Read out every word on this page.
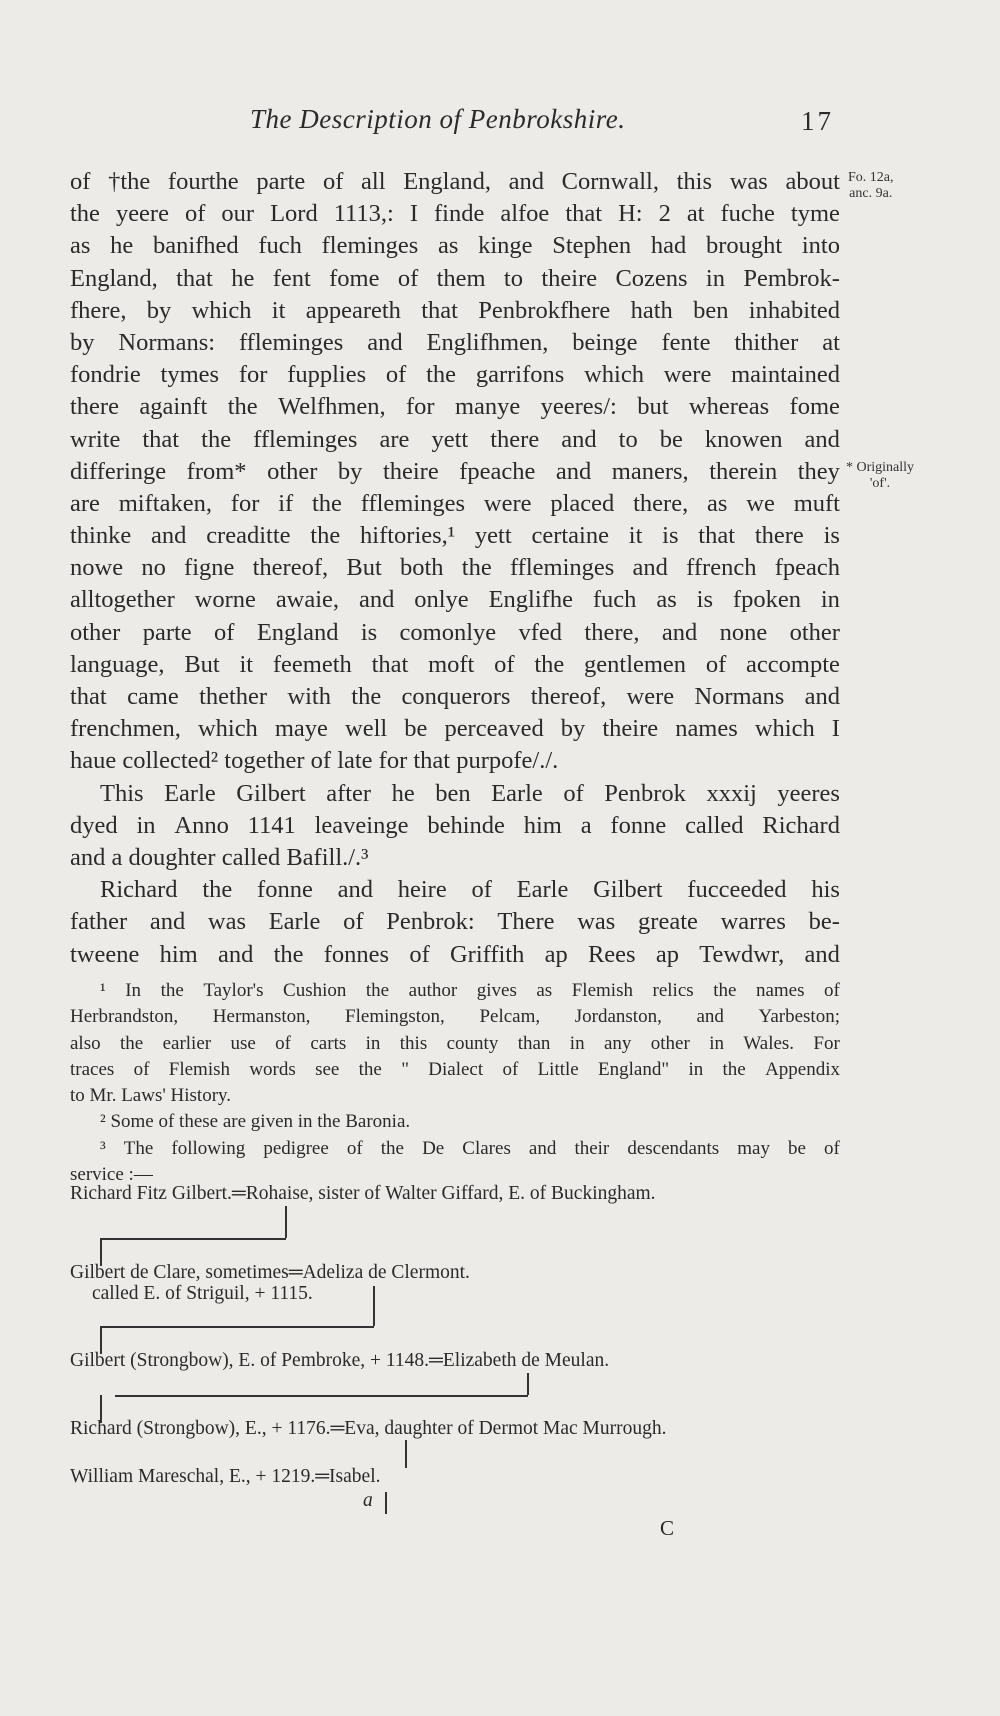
The Description of Penbrokshire.	17
Fo. 12a,
anc. 9a.
* Originally
'of'.
of †the fourthe parte of all England, and Cornwall, this was about
the yeere of our Lord 1113,: I finde alfoe that H: 2 at fuche tyme
as he banifhed fuch fleminges as kinge Stephen had brought into
England, that he fent fome of them to theire Cozens in Pembrok-
fhere, by which it appeareth that Penbrokfhere hath ben inhabited
by Normans: ffleminges and Englifhmen, beinge fente thither at
fondrie tymes for fupplies of the garrifons which were maintained
there againft the Welfhmen, for manye yeeres/: but whereas fome
write that the ffleminges are yett there and to be knowen and
differinge from* other by theire fpeache and maners, therein they
are miftaken, for if the ffleminges were placed there, as we muft
thinke and creaditte the hiftories,¹ yett certaine it is that there is
nowe no figne thereof, But both the ffleminges and ffrench fpeach
alltogether worne awaie, and onlye Englifhe fuch as is fpoken in
other parte of England is comonlye vfed there, and none other
language, But it feemeth that moft of the gentlemen of accompte
that came thether with the conquerors thereof, were Normans and
frenchmen, which maye well be perceaved by theire names which I
haue collected² together of late for that purpofe/./.
This Earle Gilbert after he ben Earle of Penbrok xxxij yeeres
dyed in Anno 1141 leaveinge behinde him a fonne called Richard
and a doughter called Bafill./.³
Richard the fonne and heire of Earle Gilbert fucceeded his
father and was Earle of Penbrok: There was greate warres be-
tweene him and the fonnes of Griffith ap Rees ap Tewdwr, and
¹ In the Taylor's Cushion the author gives as Flemish relics the names of
Herbrandston, Hermanston, Flemingston, Pelcam, Jordanston, and Yarbeston;
also the earlier use of carts in this county than in any other in Wales. For
traces of Flemish words see the " Dialect of Little England" in the Appendix
to Mr. Laws' History.
² Some of these are given in the Baronia.
³ The following pedigree of the De Clares and their descendants may be of
service :—
Richard Fitz Gilbert.═Rohaise, sister of Walter Giffard, E. of Buckingham.
Gilbert de Clare, sometimes═Adeliza de Clermont.
called E. of Striguil, + 1115.
Gilbert (Strongbow), E. of Pembroke, + 1148.═Elizabeth de Meulan.
Richard (Strongbow), E., + 1176.═Eva, daughter of Dermot Mac Murrough.
William Mareschal, E., + 1219.═Isabel.
a
C
